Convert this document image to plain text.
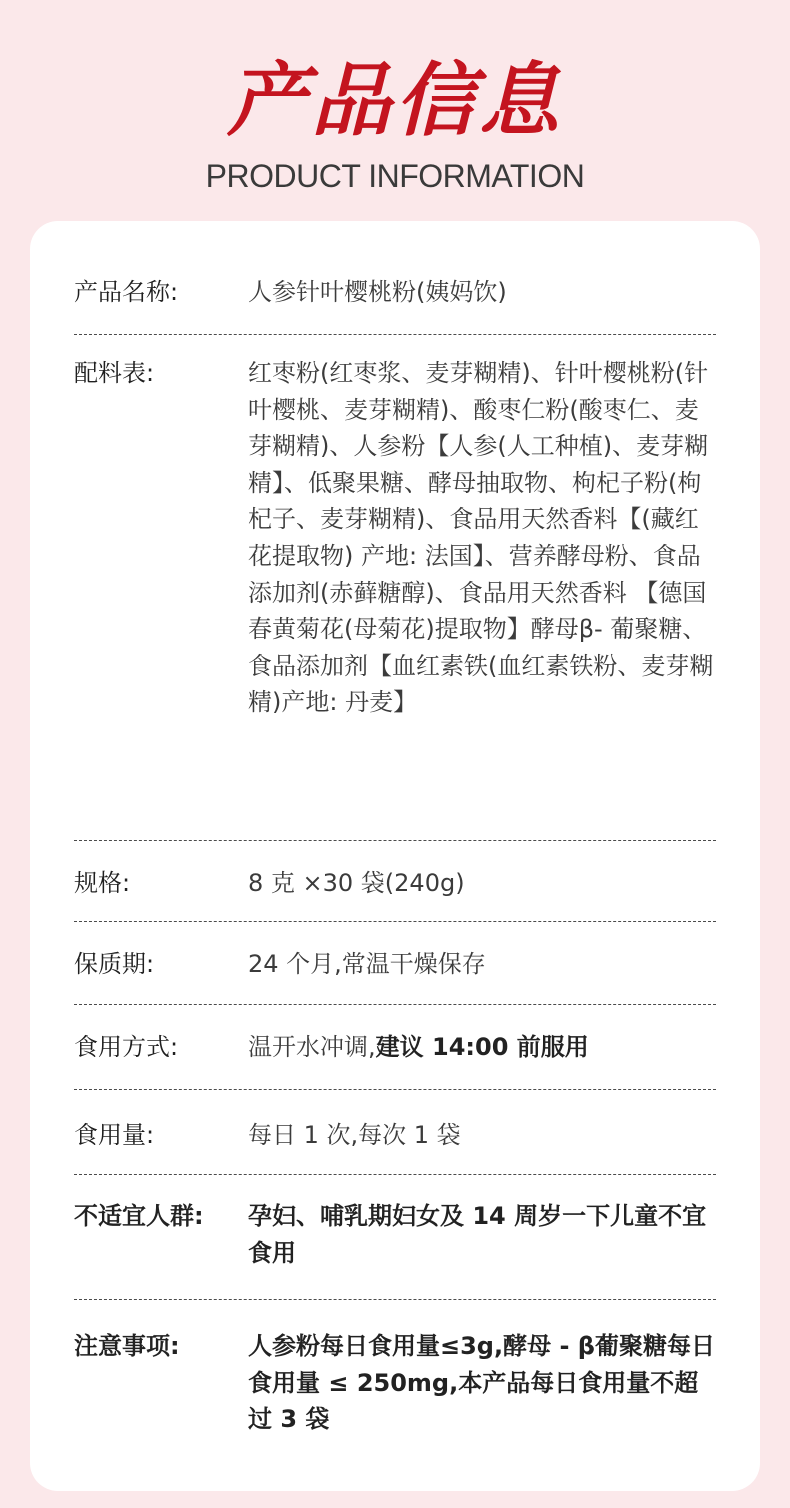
产品信息
PRODUCT INFORMATION
产品名称:	人参针叶樱桃粉(姨妈饮)
配料表:	红枣粉(红枣浆、麦芽糊精)、针叶樱桃粉(针叶樱桃、麦芽糊精)、酸枣仁粉(酸枣仁、麦芽糊精)、人参粉【人参(人工种植)、麦芽糊精】、低聚果糖、酵母抽取物、枸杞子粉(枸杞子、麦芽糊精)、食品用天然香料【(藏红花提取物) 产地: 法国】、营养酵母粉、食品添加剂(赤藓糖醇)、食品用天然香料 【德国春黄菊花(母菊花)提取物】酵母β- 葡聚糖、食品添加剂【血红素铁(血红素铁粉、麦芽糊精)产地: 丹麦】
规格:	8 克 ×30 袋(240g)
保质期:	24 个月,常温干燥保存
食用方式:	温开水冲调,建议 14:00 前服用
食用量:	每日 1 次,每次 1 袋
不适宜人群:	孕妇、哺乳期妇女及 14 周岁一下儿童不宜食用
注意事项:	人参粉每日食用量≤3g,酵母 - β葡聚糖每日食用量 ≤ 250mg,本产品每日食用量不超过 3 袋
